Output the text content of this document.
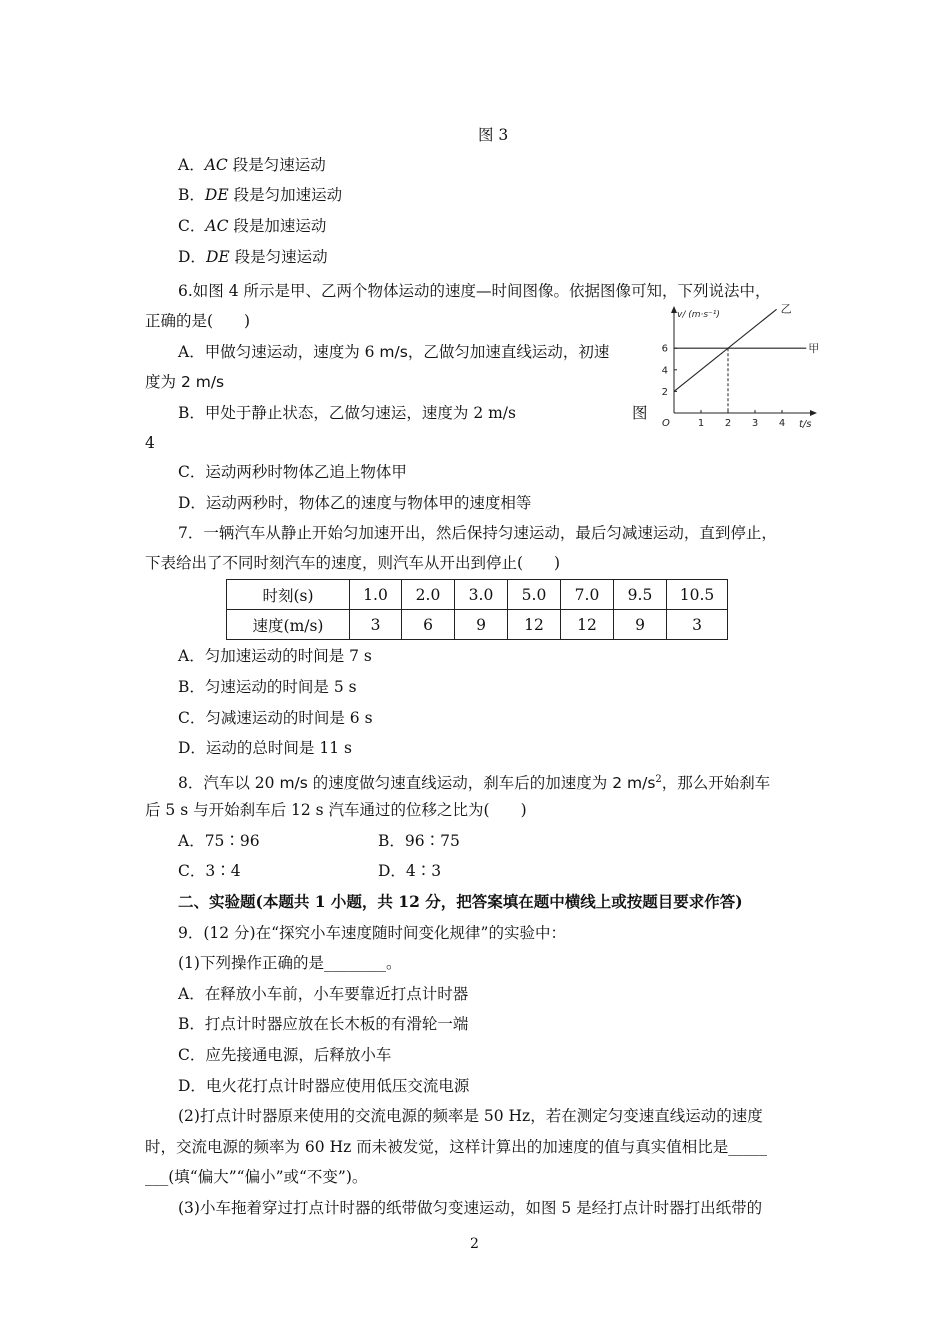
图 3
A．AC 段是匀速运动
B．DE 段是匀加速运动
C．AC 段是加速运动
D．DE 段是匀速运动
6.如图 4 所示是甲、乙两个物体运动的速度—时间图像。依据图像可知，下列说法中，
正确的是(　　)
A．甲做匀速运动，速度为 6 m/s，乙做匀加速直线运动，初速
度为 2 m/s
B．甲处于静止状态，乙做匀速运，速度为 2 m/s	图
4
C．运动两秒时物体乙追上物体甲
D．运动两秒时，物体乙的速度与物体甲的速度相等
v/ (m·s⁻¹)
t/s
O	1 2 3 4
2
4
6	甲
乙
7．一辆汽车从静止开始匀加速开出，然后保持匀速运动，最后匀减速运动，直到停止，
下表给出了不同时刻汽车的速度，则汽车从开出到停止(　　)
时刻(s)	1.0	2.0	3.0	5.0	7.0	9.5	10.5
速度(m/s)	3	6	9	12	12	9	3
A．匀加速运动的时间是 7 s
B．匀速运动的时间是 5 s
C．匀减速运动的时间是 6 s
D．运动的总时间是 11 s
8．汽车以 20 m/s 的速度做匀速直线运动，刹车后的加速度为 2 $m/s^2$，那么开始刹车
后 5 s 与开始刹车后 12 s 汽车通过的位移之比为(　　)
A．75∶96	B．96∶75
C．3∶4	D．4∶3
二、实验题(本题共 1 小题，共 12 分，把答案填在题中横线上或按题目要求作答)
9．(12 分)在“探究小车速度随时间变化规律”的实验中：
(1)下列操作正确的是________。
A．在释放小车前，小车要靠近打点计时器
B．打点计时器应放在长木板的有滑轮一端
C．应先接通电源，后释放小车
D．电火花打点计时器应使用低压交流电源
(2)打点计时器原来使用的交流电源的频率是 50 Hz，若在测定匀变速直线运动的速度
时，交流电源的频率为 60 Hz 而未被发觉，这样计算出的加速度的值与真实值相比是_____
___(填“偏大”“偏小”或“不变”)。
(3)小车拖着穿过打点计时器的纸带做匀变速运动，如图 5 是经打点计时器打出纸带的
2
